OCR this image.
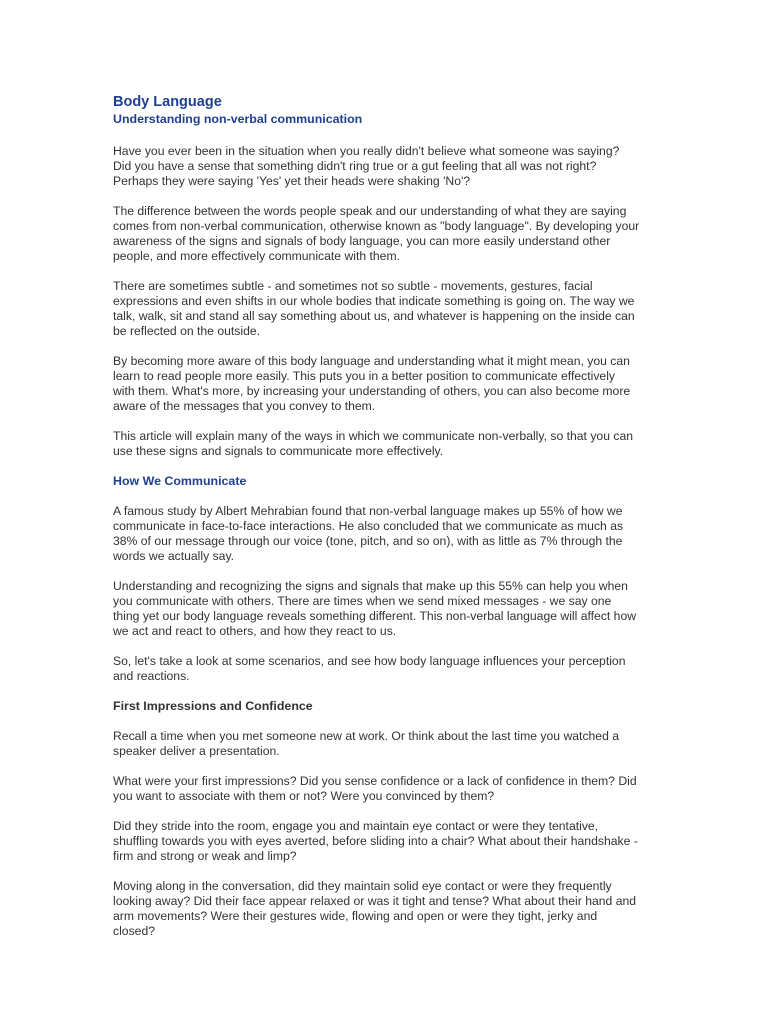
Body Language
Understanding non-verbal communication

Have you ever been in the situation when you really didn't believe what someone was saying?
Did you have a sense that something didn't ring true or a gut feeling that all was not right?
Perhaps they were saying 'Yes' yet their heads were shaking 'No'?

The difference between the words people speak and our understanding of what they are saying
comes from non-verbal communication, otherwise known as "body language". By developing your
awareness of the signs and signals of body language, you can more easily understand other
people, and more effectively communicate with them.

There are sometimes subtle - and sometimes not so subtle - movements, gestures, facial
expressions and even shifts in our whole bodies that indicate something is going on. The way we
talk, walk, sit and stand all say something about us, and whatever is happening on the inside can
be reflected on the outside.

By becoming more aware of this body language and understanding what it might mean, you can
learn to read people more easily. This puts you in a better position to communicate effectively
with them. What's more, by increasing your understanding of others, you can also become more
aware of the messages that you convey to them.

This article will explain many of the ways in which we communicate non-verbally, so that you can
use these signs and signals to communicate more effectively.

How We Communicate

A famous study by Albert Mehrabian found that non-verbal language makes up 55% of how we
communicate in face-to-face interactions. He also concluded that we communicate as much as
38% of our message through our voice (tone, pitch, and so on), with as little as 7% through the
words we actually say.

Understanding and recognizing the signs and signals that make up this 55% can help you when
you communicate with others. There are times when we send mixed messages - we say one
thing yet our body language reveals something different. This non-verbal language will affect how
we act and react to others, and how they react to us.

So, let's take a look at some scenarios, and see how body language influences your perception
and reactions.

First Impressions and Confidence

Recall a time when you met someone new at work. Or think about the last time you watched a
speaker deliver a presentation.

What were your first impressions? Did you sense confidence or a lack of confidence in them? Did
you want to associate with them or not? Were you convinced by them?

Did they stride into the room, engage you and maintain eye contact or were they tentative,
shuffling towards you with eyes averted, before sliding into a chair? What about their handshake -
firm and strong or weak and limp?

Moving along in the conversation, did they maintain solid eye contact or were they frequently
looking away? Did their face appear relaxed or was it tight and tense? What about their hand and
arm movements? Were their gestures wide, flowing and open or were they tight, jerky and
closed?
